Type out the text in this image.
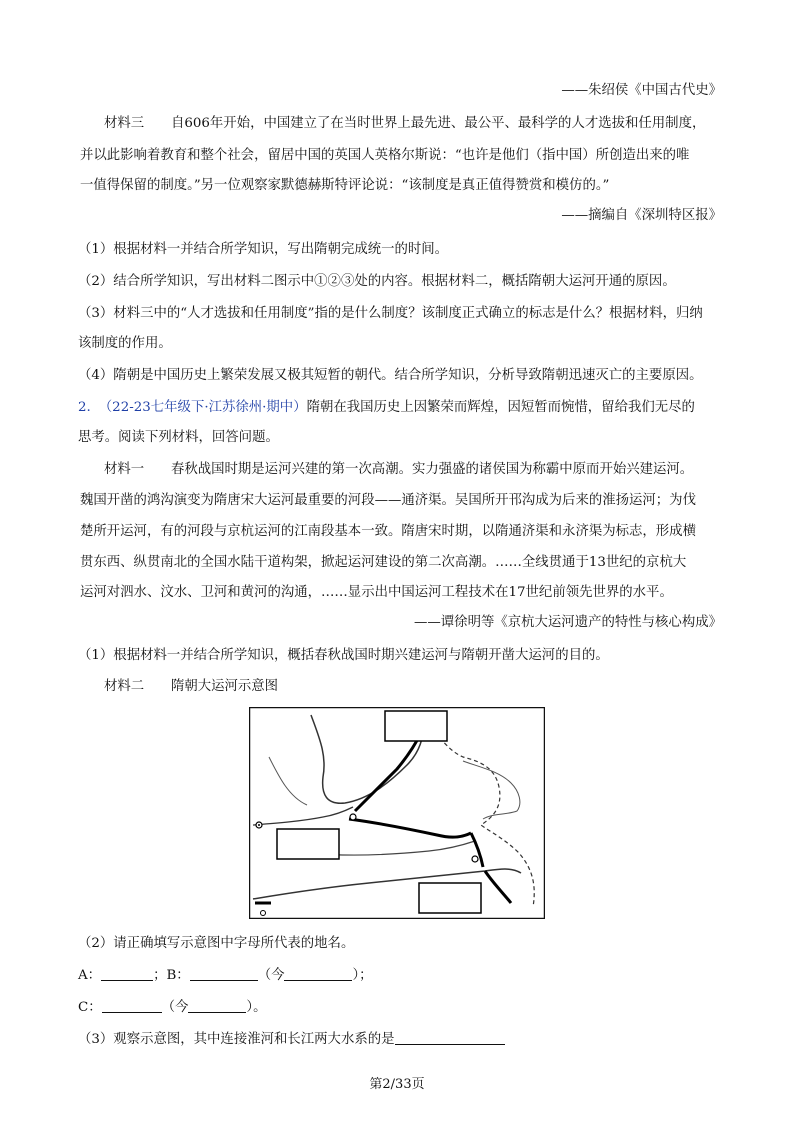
——朱绍侯《中国古代史》
材料三　　自606年开始，中国建立了在当时世界上最先进、最公平、最科学的人才选拔和任用制度，
并以此影响着教育和整个社会，留居中国的英国人英格尔斯说：“也许是他们（指中国）所创造出来的唯
一值得保留的制度。”另一位观察家默德赫斯特评论说：“该制度是真正值得赞赏和模仿的。”
——摘编自《深圳特区报》
（1）根据材料一并结合所学知识，写出隋朝完成统一的时间。
（2）结合所学知识，写出材料二图示中①②③处的内容。根据材料二，概括隋朝大运河开通的原因。
（3）材料三中的“人才选拔和任用制度”指的是什么制度？该制度正式确立的标志是什么？根据材料，归纳
该制度的作用。
（4）隋朝是中国历史上繁荣发展又极其短暂的朝代。结合所学知识，分析导致隋朝迅速灭亡的主要原因。
2. （22-23七年级下·江苏徐州·期中）隋朝在我国历史上因繁荣而辉煌，因短暂而惋惜，留给我们无尽的
思考。阅读下列材料，回答问题。
材料一　　春秋战国时期是运河兴建的第一次高潮。实力强盛的诸侯国为称霸中原而开始兴建运河。
魏国开凿的鸿沟演变为隋唐宋大运河最重要的河段——通济渠。吴国所开邗沟成为后来的淮扬运河；为伐
楚所开运河，有的河段与京杭运河的江南段基本一致。隋唐宋时期，以隋通济渠和永济渠为标志，形成横
贯东西、纵贯南北的全国水陆干道构架，掀起运河建设的第二次高潮。……全线贯通于13世纪的京杭大
运河对泗水、汶水、卫河和黄河的沟通，……显示出中国运河工程技术在17世纪前领先世界的水平。
——谭徐明等《京杭大运河遗产的特性与核心构成》
（1）根据材料一并结合所学知识，概括春秋战国时期兴建运河与隋朝开凿大运河的目的。
材料二　　隋朝大运河示意图
（2）请正确填写示意图中字母所代表的地名。
A：	；B：	（今	）；
C：	（今	）。
（3）观察示意图，其中连接淮河和长江两大水系的是
第2/33页
